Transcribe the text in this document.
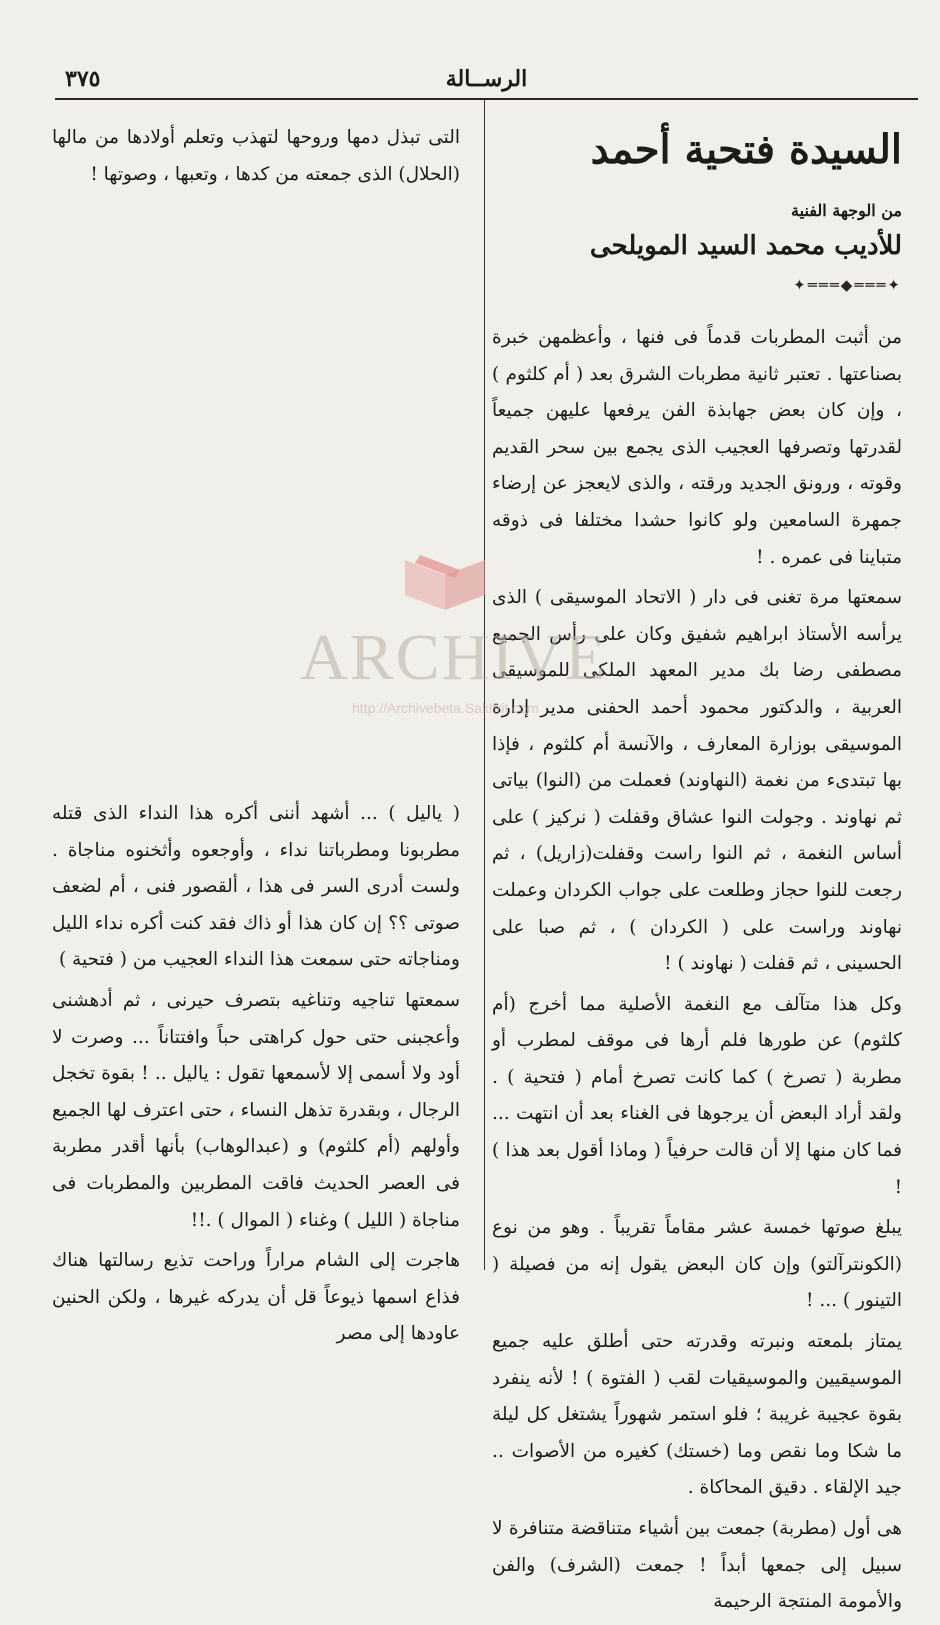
الرســالة
٣٧٥
السيدة فتحية أحمد
من الوجهة الفنية
للأديب محمد السيد المويلحى
✦═══◆═══✦

من أثبت المطربات قدماً فى فنها ، وأعظمهن خبرة بصناعتها . تعتبر ثانية مطربات الشرق بعد ( أم كلثوم ) ، وإن كان بعض جهابذة الفن يرفعها عليهن جميعاً لقدرتها وتصرفها العجيب الذى يجمع بين سحر القديم وقوته ، ورونق الجديد ورقته ، والذى لايعجز عن إرضاء جمهرة السامعين ولو كانوا حشدا مختلفا فى ذوقه متباينا فى عمره . !

سمعتها مرة تغنى فى دار ( الاتحاد الموسيقى ) الذى يرأسه الأستاذ ابراهيم شفيق وكان على رأس الجميع مصطفى رضا بك مدير المعهد الملكى للموسيقى العربية ، والدكتور محمود أحمد الحفنى مدير إدارة الموسيقى بوزارة المعارف ، والآنسة أم كلثوم ، فإذا بها تبتدىء من نغمة (النهاوند) فعملت من (النوا) بياتى ثم نهاوند . وجولت النوا عشاق وقفلت ( نركيز ) على أساس النغمة ، ثم النوا راست وقفلت(زاريل) ، ثم رجعت للنوا حجاز وطلعت على جواب الكردان وعملت نهاوند وراست على ( الكردان ) ، ثم صبا على الحسينى ، ثم قفلت ( نهاوند ) !

وكل هذا متآلف مع النغمة الأصلية مما أخرج (أم كلثوم) عن طورها فلم أرها فى موقف لمطرب أو مطربة ( تصرخ ) كما كانت تصرخ أمام ( فتحية ) . ولقد أراد البعض أن يرجوها فى الغناء بعد أن انتهت ... فما كان منها إلا أن قالت حرفياً ( وماذا أقول بعد هذا ) !

يبلغ صوتها خمسة عشر مقاماً تقريباً . وهو من نوع (الكونترآلتو) وإن كان البعض يقول إنه من فصيلة ( التينور ) ... !

يمتاز بلمعته ونبرته وقدرته حتى أطلق عليه جميع الموسيقيين والموسيقيات لقب ( الفتوة ) ! لأنه ينفرد بقوة عجيبة غريبة ؛ فلو استمر شهوراً يشتغل كل ليلة ما شكا وما نقص وما (خستك) كغيره من الأصوات .. جيد الإلقاء . دقيق المحاكاة .

هى أول (مطربة) جمعت بين أشياء متناقضة متنافرة لا سبيل إلى جمعها أبداً ! جمعت (الشرف) والفن والأمومة المنتجة الرحيمة

التى تبذل دمها وروحها لتهذب وتعلم أولادها من مالها (الحلال) الذى جمعته من كدها ، وتعبها ، وصوتها !

( ياليل ) ... أشهد أننى أكره هذا النداء الذى قتله مطربونا ومطرباتنا نداء ، وأوجعوه وأثخنوه مناجاة . ولست أدرى السر فى هذا ، ألقصور فنى ، أم لضعف صوتى ؟؟ إن كان هذا أو ذاك فقد كنت أكره نداء الليل ومناجاته حتى سمعت هذا النداء العجيب من ( فتحية )

سمعتها تناجيه وتناغيه بتصرف حيرنى ، ثم أدهشنى وأعجبنى حتى حول كراهتى حباً وافتتاناً ... وصرت لا أود ولا أسمى إلا لأسمعها تقول : ياليل .. ! بقوة تخجل الرجال ، وبقدرة تذهل النساء ، حتى اعترف لها الجميع وأولهم (أم كلثوم) و (عبدالوهاب) بأنها أقدر مطربة فى العصر الحديث فاقت المطربين والمطربات فى مناجاة ( الليل ) وغناء ( الموال ) .!!

هاجرت إلى الشام مراراً وراحت تذيع رسالتها هناك فذاع اسمها ذيوعاً قل أن يدركه غيرها ، ولكن الحنين عاودها إلى مصر

ARCHIVE
http://Archivebeta.Sakhrit.com
